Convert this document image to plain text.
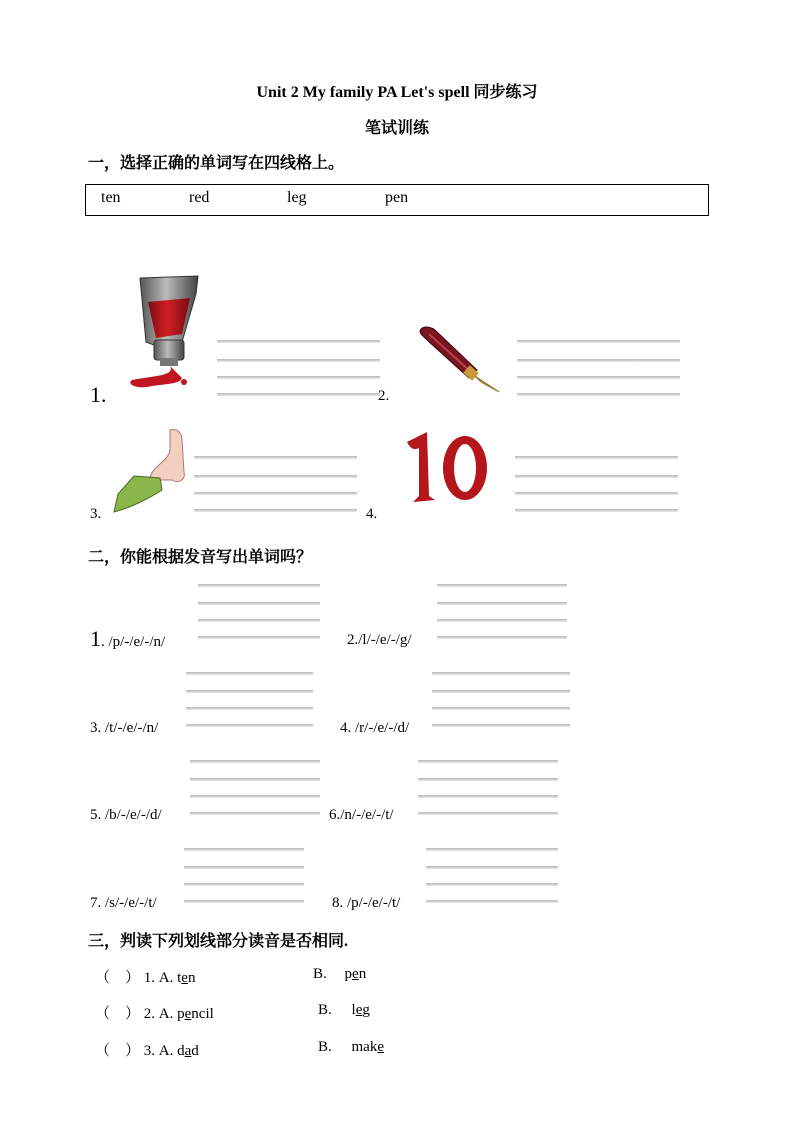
Unit 2 My family PA Let's spell 同步练习
笔试训练
一，选择正确的单词写在四线格上。
ten	red	leg	pen
1.	2.
3.	4.
二，你能根据发音写出单词吗？
1. /p/-/e/-/n/	2./l/-/e/-/g/
3. /t/-/e/-/n/	4. /r/-/e/-/d/
5. /b/-/e/-/d/	6./n/-/e/-/t/
7. /s/-/e/-/t/	8. /p/-/e/-/t/
三，判读下列划线部分读音是否相同.
（　） 1. A. ten	B. pen
（　） 2. A. pencil	B. leg
（　） 3. A. dad	B. make
